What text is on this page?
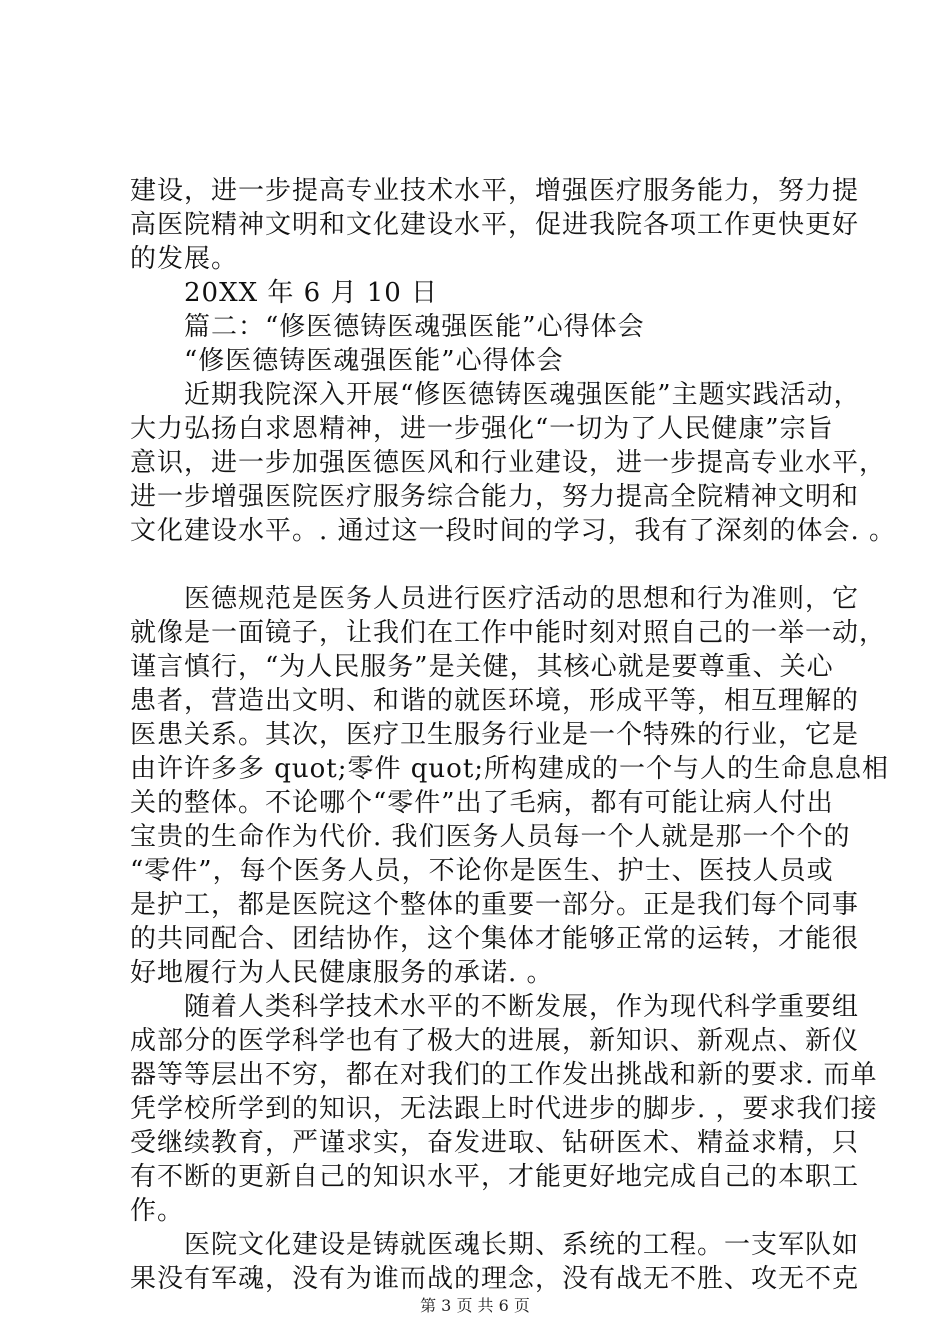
建设，进一步提高专业技术水平，增强医疗服务能力，努力提
高医院精神文明和文化建设水平，促进我院各项工作更快更好
的发展。
20XX 年 6 月 10 日
篇二：“修医德铸医魂强医能”心得体会
“修医德铸医魂强医能”心得体会
近期我院深入开展“修医德铸医魂强医能”主题实践活动，
大力弘扬白求恩精神，进一步强化“一切为了人民健康”宗旨
意识，进一步加强医德医风和行业建设，进一步提高专业水平，
进一步增强医院医疗服务综合能力，努力提高全院精神文明和
文化建设水平。. 通过这一段时间的学习，我有了深刻的体会. 。
医德规范是医务人员进行医疗活动的思想和行为准则，它
就像是一面镜子，让我们在工作中能时刻对照自己的一举一动，
谨言慎行，“为人民服务”是关健，其核心就是要尊重、关心
患者，营造出文明、和谐的就医环境，形成平等，相互理解的
医患关系。其次，医疗卫生服务行业是一个特殊的行业，它是
由许许多多 quot;零件 quot;所构建成的一个与人的生命息息相
关的整体。不论哪个“零件”出了毛病，都有可能让病人付出
宝贵的生命作为代价. 我们医务人员每一个人就是那一个个的
“零件”，每个医务人员，不论你是医生、护士、医技人员或
是护工，都是医院这个整体的重要一部分。正是我们每个同事
的共同配合、团结协作，这个集体才能够正常的运转，才能很
好地履行为人民健康服务的承诺. 。
随着人类科学技术水平的不断发展，作为现代科学重要组
成部分的医学科学也有了极大的进展，新知识、新观点、新仪
器等等层出不穷，都在对我们的工作发出挑战和新的要求. 而单
凭学校所学到的知识，无法跟上时代进步的脚步. ，要求我们接
受继续教育，严谨求实，奋发进取、钻研医术、精益求精，只
有不断的更新自己的知识水平，才能更好地完成自己的本职工
作。
医院文化建设是铸就医魂长期、系统的工程。一支军队如
果没有军魂，没有为谁而战的理念，没有战无不胜、攻无不克
第 3 页 共 6 页
